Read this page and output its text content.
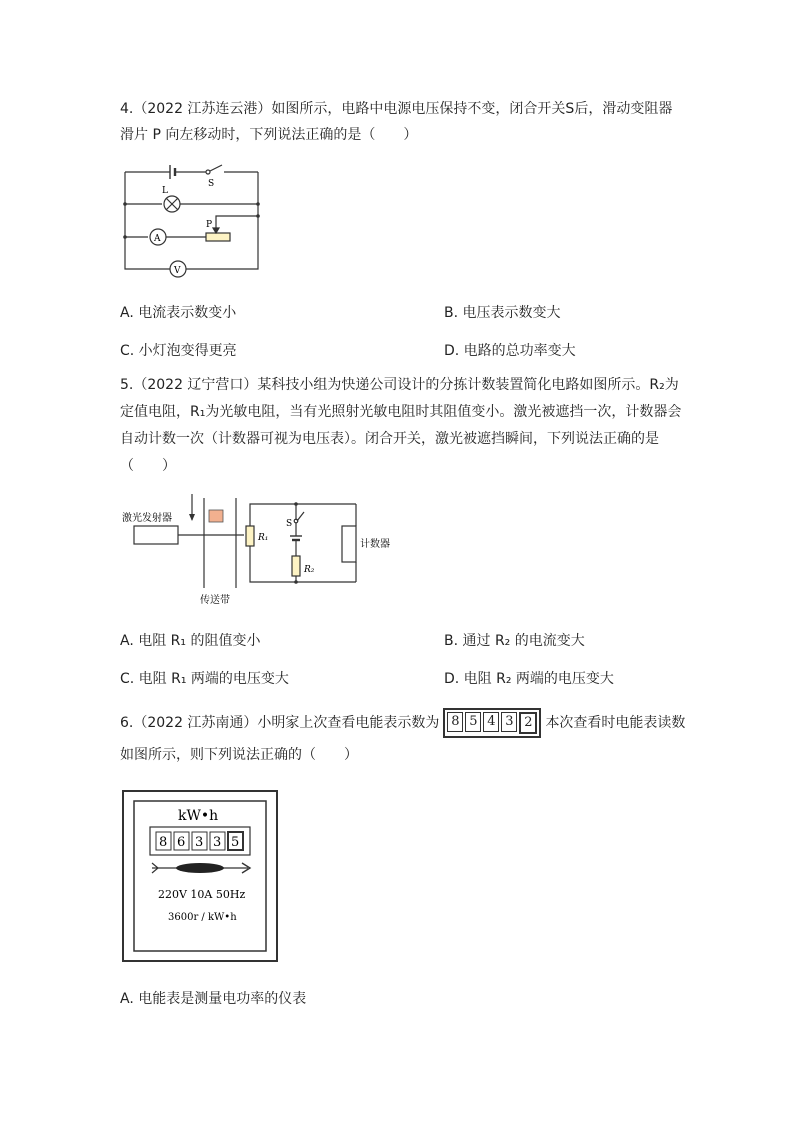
4.（2022 江苏连云港）如图所示，电路中电源电压保持不变，闭合开关S后，滑动变阻器
滑片 P 向左移动时，下列说法正确的是（　　）
S
L
A
V
P
A. 电流表示数变小	B. 电压表示数变大
C. 小灯泡变得更亮	D. 电路的总功率变大
5.（2022 辽宁营口）某科技小组为快递公司设计的分拣计数装置简化电路如图所示。R₂为
定值电阻，R₁为光敏电阻，当有光照射光敏电阻时其阻值变小。激光被遮挡一次，计数器会
自动计数一次（计数器可视为电压表）。闭合开关，激光被遮挡瞬间，下列说法正确的是
（　　）
激光发射器
传送带
R₁
R₂
S
计数器
A. 电阻 R₁ 的阻值变小	B. 通过 R₂ 的电流变大
C. 电阻 R₁ 两端的电压变大	D. 电阻 R₂ 两端的电压变大
6.（2022 江苏南通）小明家上次查看电能表示数为 8 5 4 3 2 本次查看时电能表读数
如图所示，则下列说法正确的（　　）
kW•h
8 6 3 3 5
220V 10A 50Hz
3600r / kW•h
A. 电能表是测量电功率的仪表
